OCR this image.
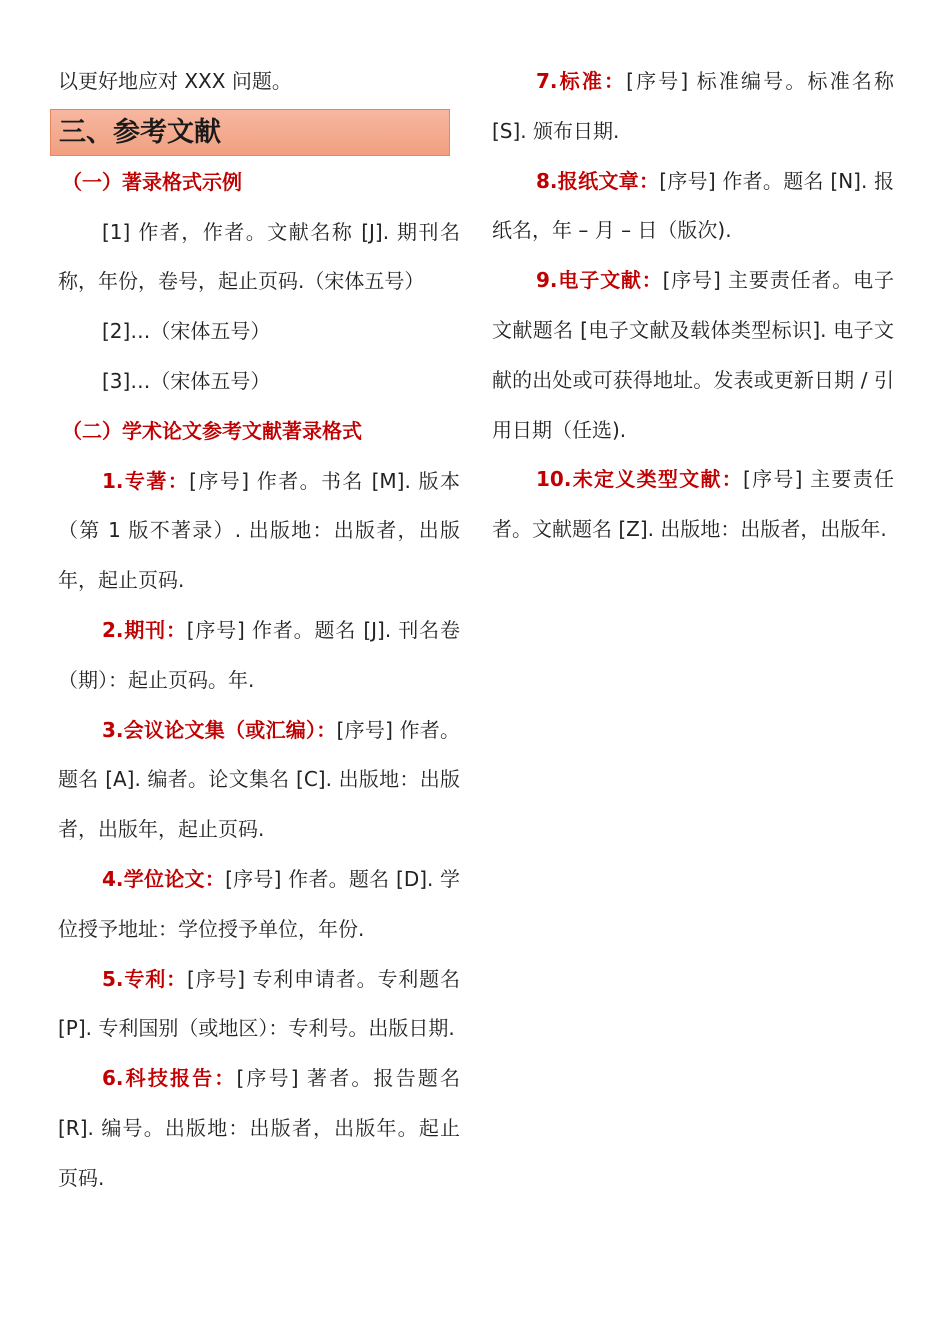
以更好地应对 XXX 问题。

三、参考文献

（一）著录格式示例

[1] 作者，作者。文献名称 [J]. 期刊名称，年份，卷号，起止页码.（宋体五号）

[2]…（宋体五号）

[3]…（宋体五号）

（二）学术论文参考文献著录格式

1.专著：[序号] 作者。书名 [M]. 版本（第 1 版不著录）. 出版地：出版者，出版年，起止页码.

2.期刊：[序号] 作者。题名 [J]. 刊名卷（期）：起止页码。年.

3.会议论文集（或汇编）：[序号] 作者。题名 [A]. 编者。论文集名 [C]. 出版地：出版者，出版年，起止页码.

4.学位论文：[序号] 作者。题名 [D]. 学位授予地址：学位授予单位，年份.

5.专利：[序号] 专利申请者。专利题名 [P]. 专利国别（或地区）：专利号。出版日期.

6.科技报告：[序号] 著者。报告题名 [R]. 编号。出版地：出版者，出版年。起止页码.

7.标准：[序号] 标准编号。标准名称 [S]. 颁布日期.

8.报纸文章：[序号] 作者。题名 [N]. 报纸名，年 – 月 – 日（版次).

9.电子文献：[序号] 主要责任者。电子文献题名 [电子文献及载体类型标识]. 电子文献的出处或可获得地址。发表或更新日期 / 引用日期（任选).

10.未定义类型文献：[序号] 主要责任者。文献题名 [Z]. 出版地：出版者，出版年.
